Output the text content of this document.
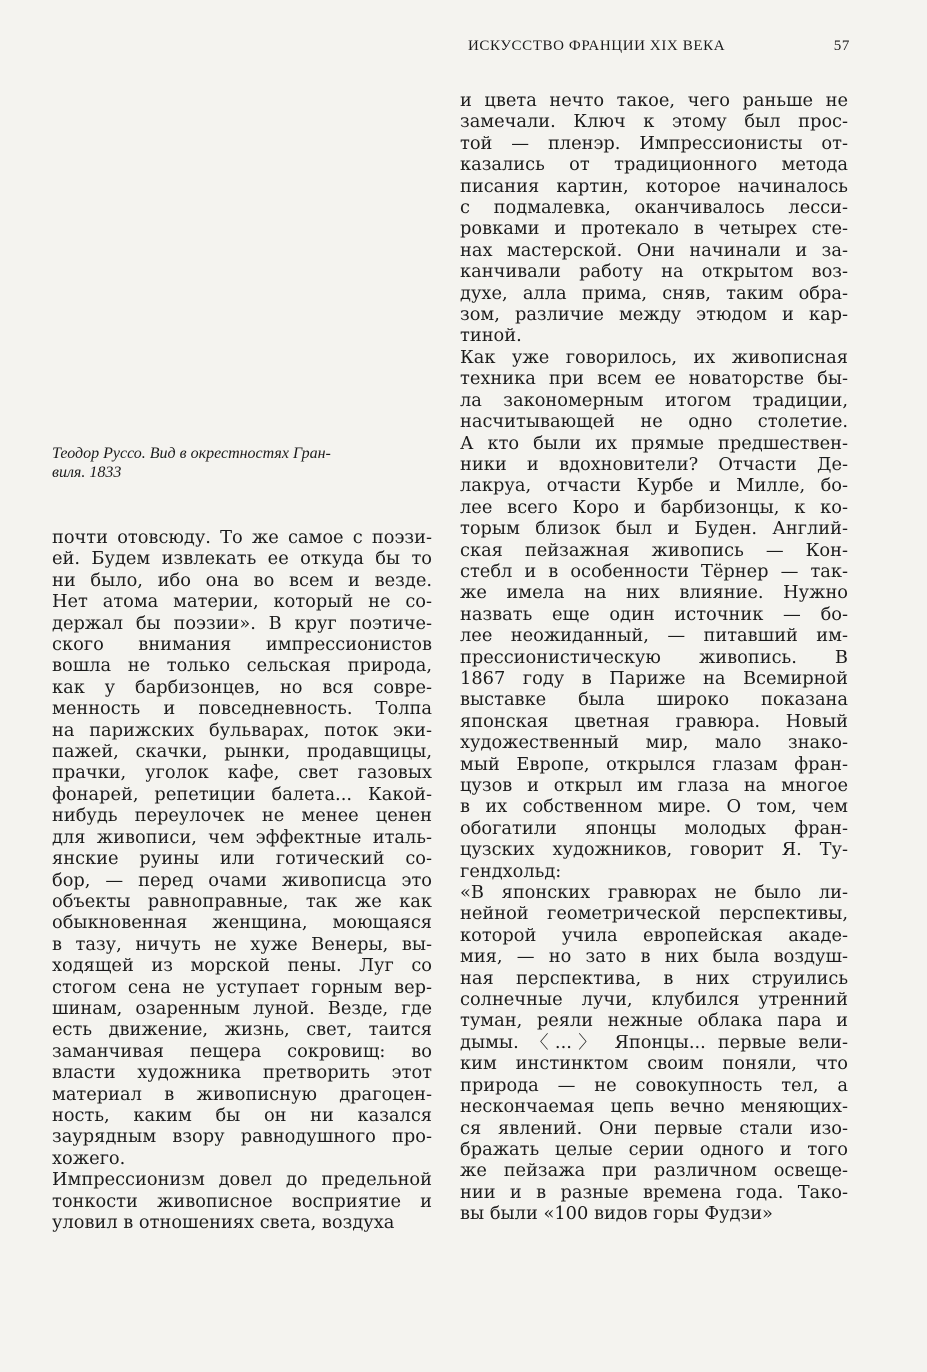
ИСКУССТВО ФРАНЦИИ XIX ВЕКА	57
Теодор Руссо. Вид в окрестностях Гран-
виля. 1833
почти отовсюду. То же самое с поэзи-
ей. Будем извлекать ее откуда бы то
ни было, ибо она во всем и везде.
Нет атома материи, который не со-
держал бы поэзии». В круг поэтиче-
ского внимания импрессионистов
вошла не только сельская природа,
как у барбизонцев, но вся совре-
менность и повседневность. Толпа
на парижских бульварах, поток эки-
пажей, скачки, рынки, продавщицы,
прачки, уголок кафе, свет газовых
фонарей, репетиции балета... Какой-
нибудь переулочек не менее ценен
для живописи, чем эффектные италь-
янские руины или готический со-
бор, — перед очами живописца это
объекты равноправные, так же как
обыкновенная женщина, моющаяся
в тазу, ничуть не хуже Венеры, вы-
ходящей из морской пены. Луг со
стогом сена не уступает горным вер-
шинам, озаренным луной. Везде, где
есть движение, жизнь, свет, таится
заманчивая пещера сокровищ: во
власти художника претворить этот
материал в живописную драгоцен-
ность, каким бы он ни казался
заурядным взору равнодушного про-
хожего.
Импрессионизм довел до предельной
тонкости живописное восприятие и
уловил в отношениях света, воздуха
и цвета нечто такое, чего раньше не
замечали. Ключ к этому был прос-
той — пленэр. Импрессионисты от-
казались от традиционного метода
писания картин, которое начиналось
с подмалевка, оканчивалось лесси-
ровками и протекало в четырех сте-
нах мастерской. Они начинали и за-
канчивали работу на открытом воз-
духе, алла прима, сняв, таким обра-
зом, различие между этюдом и кар-
тиной.
Как уже говорилось, их живописная
техника при всем ее новаторстве бы-
ла закономерным итогом традиции,
насчитывающей не одно столетие.
А кто были их прямые предшествен-
ники и вдохновители? Отчасти Де-
лакруа, отчасти Курбе и Милле, бо-
лее всего Коро и барбизонцы, к ко-
торым близок был и Буден. Англий-
ская пейзажная живопись — Кон-
стебл и в особенности Тёрнер — так-
же имела на них влияние. Нужно
назвать еще один источник — бо-
лее неожиданный, — питавший им-
прессионистическую живопись. В
1867 году в Париже на Всемирной
выставке была широко показана
японская цветная гравюра. Новый
художественный мир, мало знако-
мый Европе, открылся глазам фран-
цузов и открыл им глаза на многое
в их собственном мире. О том, чем
обогатили японцы молодых фран-
цузских художников, говорит Я. Ту-
гендхольд:
«В японских гравюрах не было ли-
нейной геометрической перспективы,
которой учила европейская акаде-
мия, — но зато в них была воздуш-
ная перспектива, в них струились
солнечные лучи, клубился утренний
туман, реяли нежные облака пара и
дымы. 〈...〉 Японцы... первые вели-
ким инстинктом своим поняли, что
природа — не совокупность тел, а
нескончаемая цепь вечно меняющих-
ся явлений. Они первые стали изо-
бражать целые серии одного и того
же пейзажа при различном освеще-
нии и в разные времена года. Тако-
вы были «100 видов горы Фудзи»
